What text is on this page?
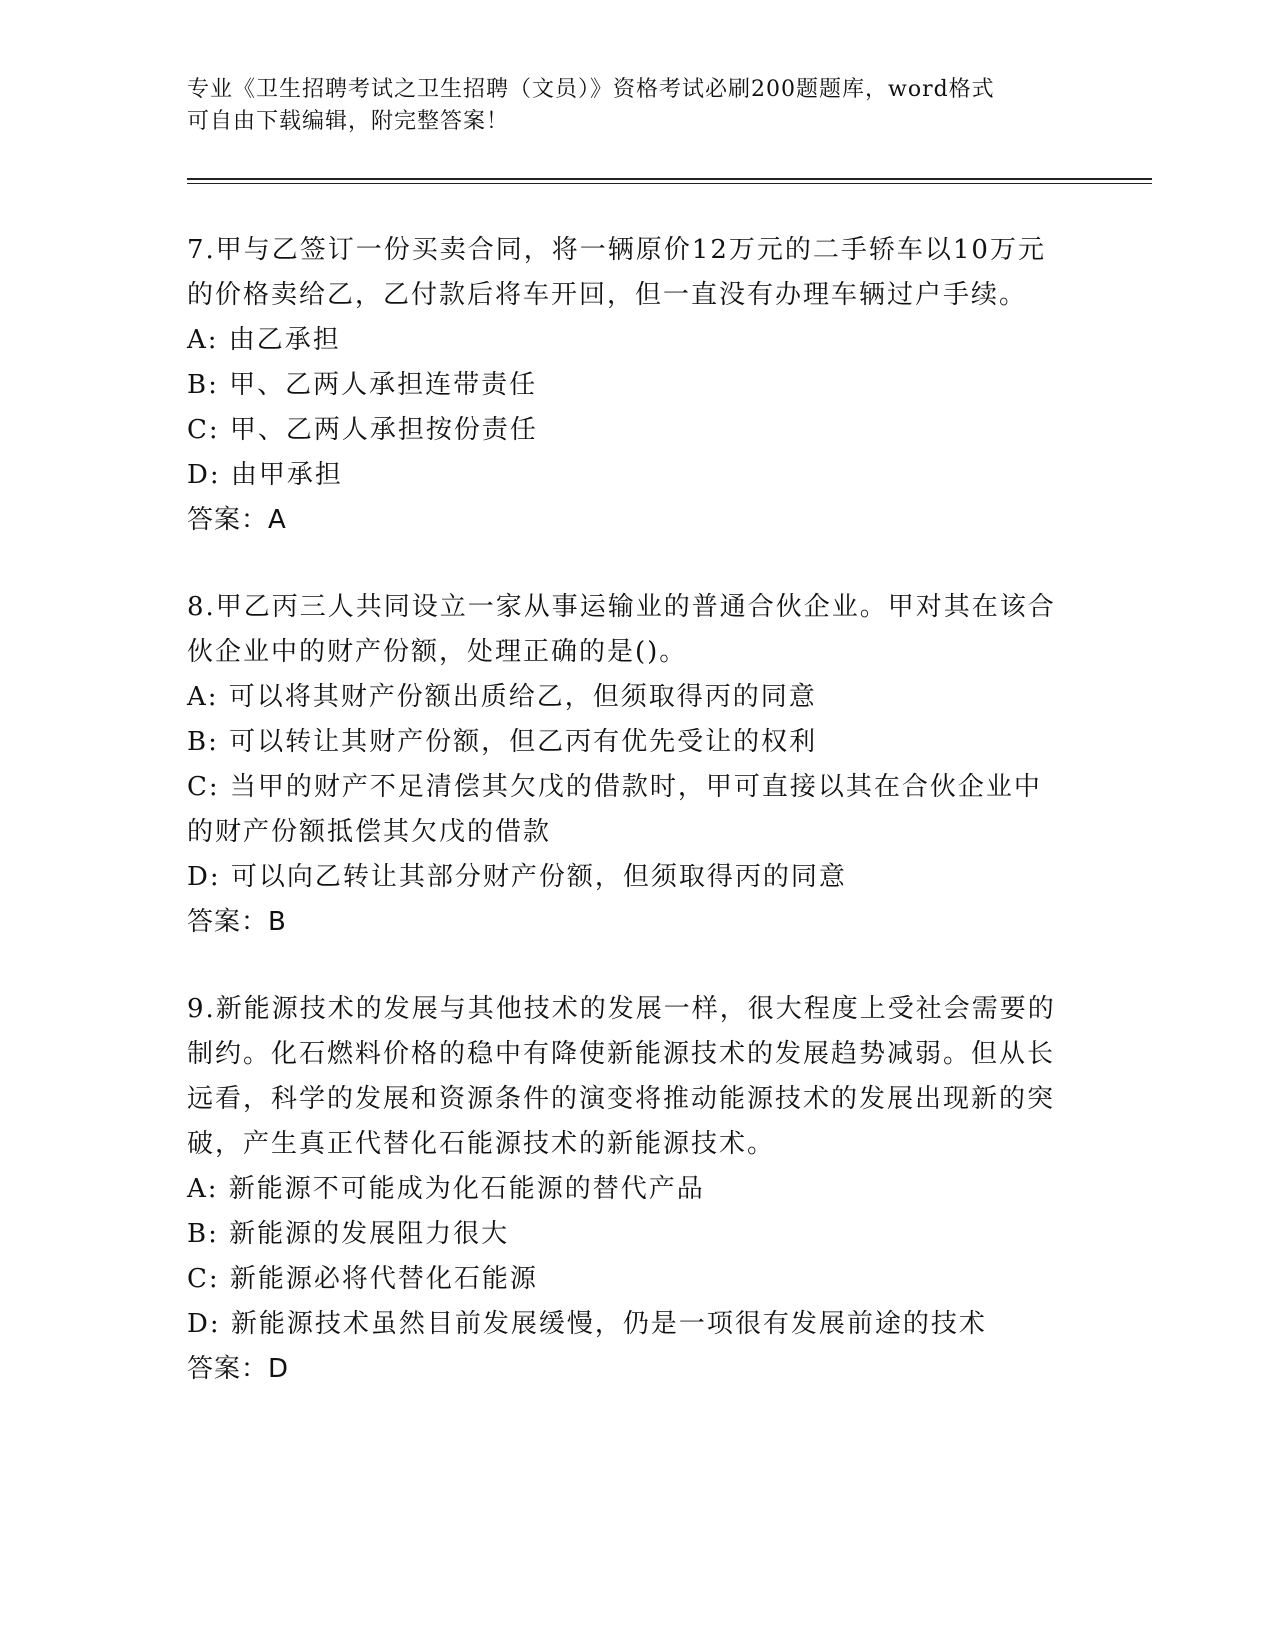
专业《卫生招聘考试之卫生招聘（文员）》资格考试必刷200题题库，word格式
可自由下载编辑，附完整答案！
7.甲与乙签订一份买卖合同，将一辆原价12万元的二手轿车以10万元的价格卖给乙，乙付款后将车开回，但一直没有办理车辆过户手续。
A: 由乙承担
B: 甲、乙两人承担连带责任
C: 甲、乙两人承担按份责任
D: 由甲承担
答案：A
8.甲乙丙三人共同设立一家从事运输业的普通合伙企业。甲对其在该合伙企业中的财产份额，处理正确的是()。
A: 可以将其财产份额出质给乙，但须取得丙的同意
B: 可以转让其财产份额，但乙丙有优先受让的权利
C: 当甲的财产不足清偿其欠戊的借款时，甲可直接以其在合伙企业中的财产份额抵偿其欠戊的借款
D: 可以向乙转让其部分财产份额，但须取得丙的同意
答案：B
9.新能源技术的发展与其他技术的发展一样，很大程度上受社会需要的制约。化石燃料价格的稳中有降使新能源技术的发展趋势减弱。但从长远看，科学的发展和资源条件的演变将推动能源技术的发展出现新的突破，产生真正代替化石能源技术的新能源技术。
A: 新能源不可能成为化石能源的替代产品
B: 新能源的发展阻力很大
C: 新能源必将代替化石能源
D: 新能源技术虽然目前发展缓慢，仍是一项很有发展前途的技术
答案：D
